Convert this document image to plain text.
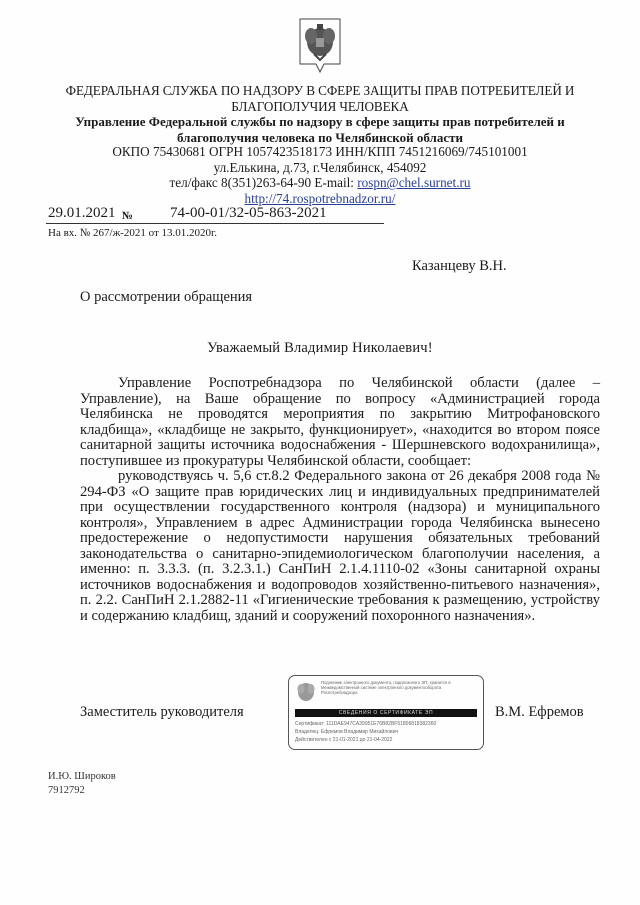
ФЕДЕРАЛЬНАЯ СЛУЖБА ПО НАДЗОРУ В СФЕРЕ ЗАЩИТЫ ПРАВ ПОТРЕБИТЕЛЕЙ И
БЛАГОПОЛУЧИЯ ЧЕЛОВЕКА
Управление Федеральной службы по надзору в сфере защиты прав потребителей и
благополучия человека по Челябинской области
ОКПО 75430681 ОГРН 1057423518173 ИНН/КПП 7451216069/745101001
ул.Елькина, д.73, г.Челябинск, 454092
тел/факс 8(351)263-64-90 E-mail: rospn@chel.surnet.ru
http://74.rospotrebnadzor.ru/
29.01.2021 № 74-00-01/32-05-863-2021
На вх. № 267/ж-2021 от 13.01.2020г.
Казанцеву В.Н.
О рассмотрении обращения
Уважаемый Владимир Николаевич!

Управление Роспотребнадзора по Челябинской области (далее – Управление), на Ваше обращение по вопросу «Администрацией города Челябинска не проводятся мероприятия по закрытию Митрофановского кладбища», «кладбище не закрыто, функционирует», «находится во втором поясе санитарной защиты источника водоснабжения - Шершневского водохранилища», поступившее из прокуратуры Челябинской области, сообщает:

руководствуясь ч. 5,6 ст.8.2 Федерального закона от 26 декабря 2008 года № 294-ФЗ «О защите прав юридических лиц и индивидуальных предпринимателей при осуществлении государственного контроля (надзора) и муниципального контроля», Управлением в адрес Администрации города Челябинска вынесено предостережение о недопустимости нарушения обязательных требований законодательства о санитарно-эпидемиологическом благополучии населения, а именно: п. 3.3.3. (п. 3.2.3.1.) СанПиН 2.1.4.1110-02 «Зоны санитарной охраны источников водоснабжения и водопроводов хозяйственно-питьевого назначения», п. 2.2. СанПиН 2.1.2882-11 «Гигиенические требования к размещению, устройству и содержанию кладбищ, зданий и сооружений похоронного назначения».

Заместитель руководителя
Подлинник электронного документа, подписанного ЭП, хранится в Межведомственной системе электронного документооборота Роспотребнадзора
СВЕДЕНИЯ О СЕРТИФИКАТЕ ЭП
Сертификат: 111DAE947CA39951E76B82BF51806818382360
Владелец: Ефремов Владимир Михайлович
Действителен с 21-01-2021 до 21-04-2022
В.М. Ефремов
И.Ю. Широков
7912792
